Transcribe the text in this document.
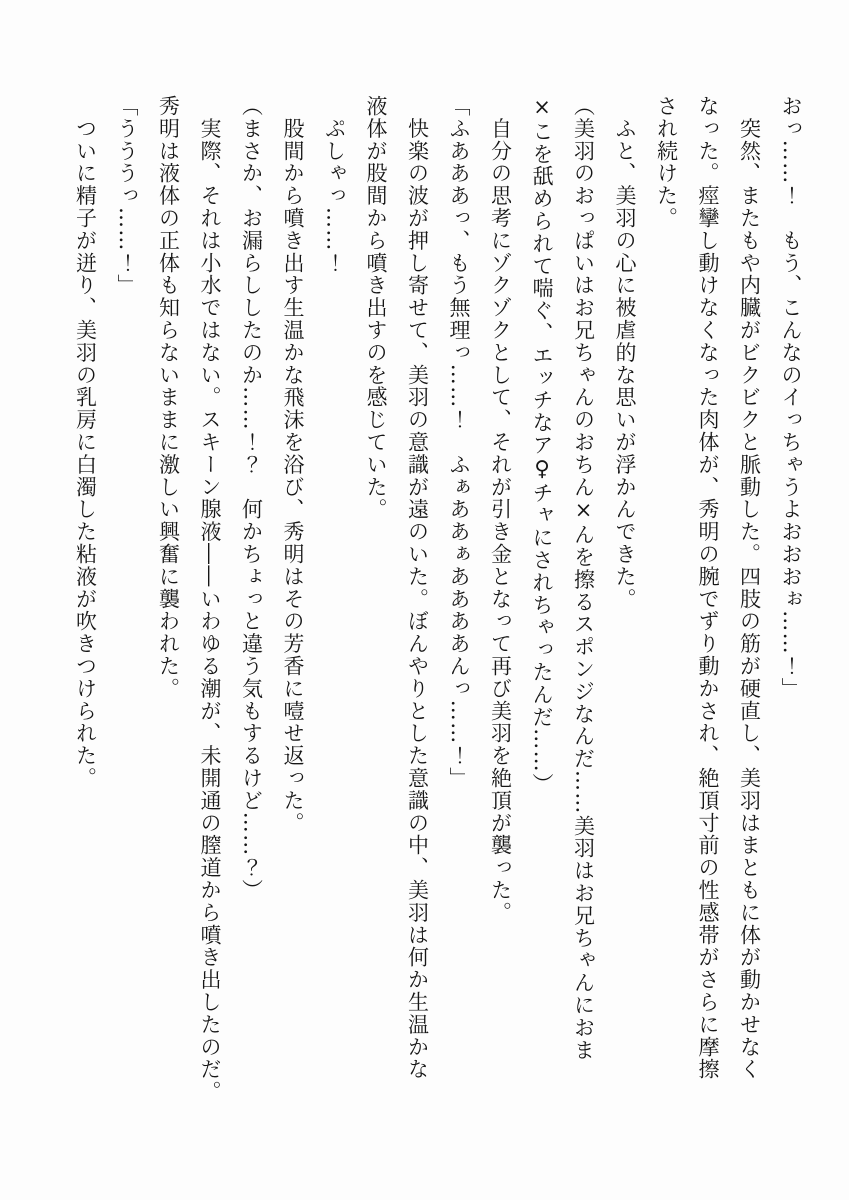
おっ……！　もう、こんなのイっちゃうよおおおぉ……！」

　突然、またもや内臓がビクビクと脈動した。四肢の筋が硬直し、美羽はまともに体が動かせなく
なった。痙攣し動けなくなった肉体が、秀明の腕でずり動かされ、絶頂寸前の性感帯がさらに摩擦
され続けた。

　ふと、美羽の心に被虐的な思いが浮かんできた。

（美羽のおっぱいはお兄ちゃんのおちん×んを擦るスポンジなんだ……美羽はお兄ちゃんにおま
×こを舐められて喘ぐ、エッチなア♀チャにされちゃったんだ……）

　自分の思考にゾクゾクとして、それが引き金となって再び美羽を絶頂が襲った。

「ふあああっ、もう無理っ……！　ふぁああぁああああんっ……！」

　快楽の波が押し寄せて、美羽の意識が遠のいた。ぼんやりとした意識の中、美羽は何か生温かな
液体が股間から噴き出すのを感じていた。

　ぷしゃっ……！

　股間から噴き出す生温かな飛沫を浴び、秀明はその芳香に噎せ返った。

（まさか、お漏らししたのか……！？　何かちょっと違う気もするけど……？）

　実際、それは小水ではない。スキーン腺液――いわゆる潮が、未開通の膣道から噴き出したのだ。
秀明は液体の正体も知らないままに激しい興奮に襲われた。

「うううっ……！」

　ついに精子が迸り、美羽の乳房に白濁した粘液が吹きつけられた。
